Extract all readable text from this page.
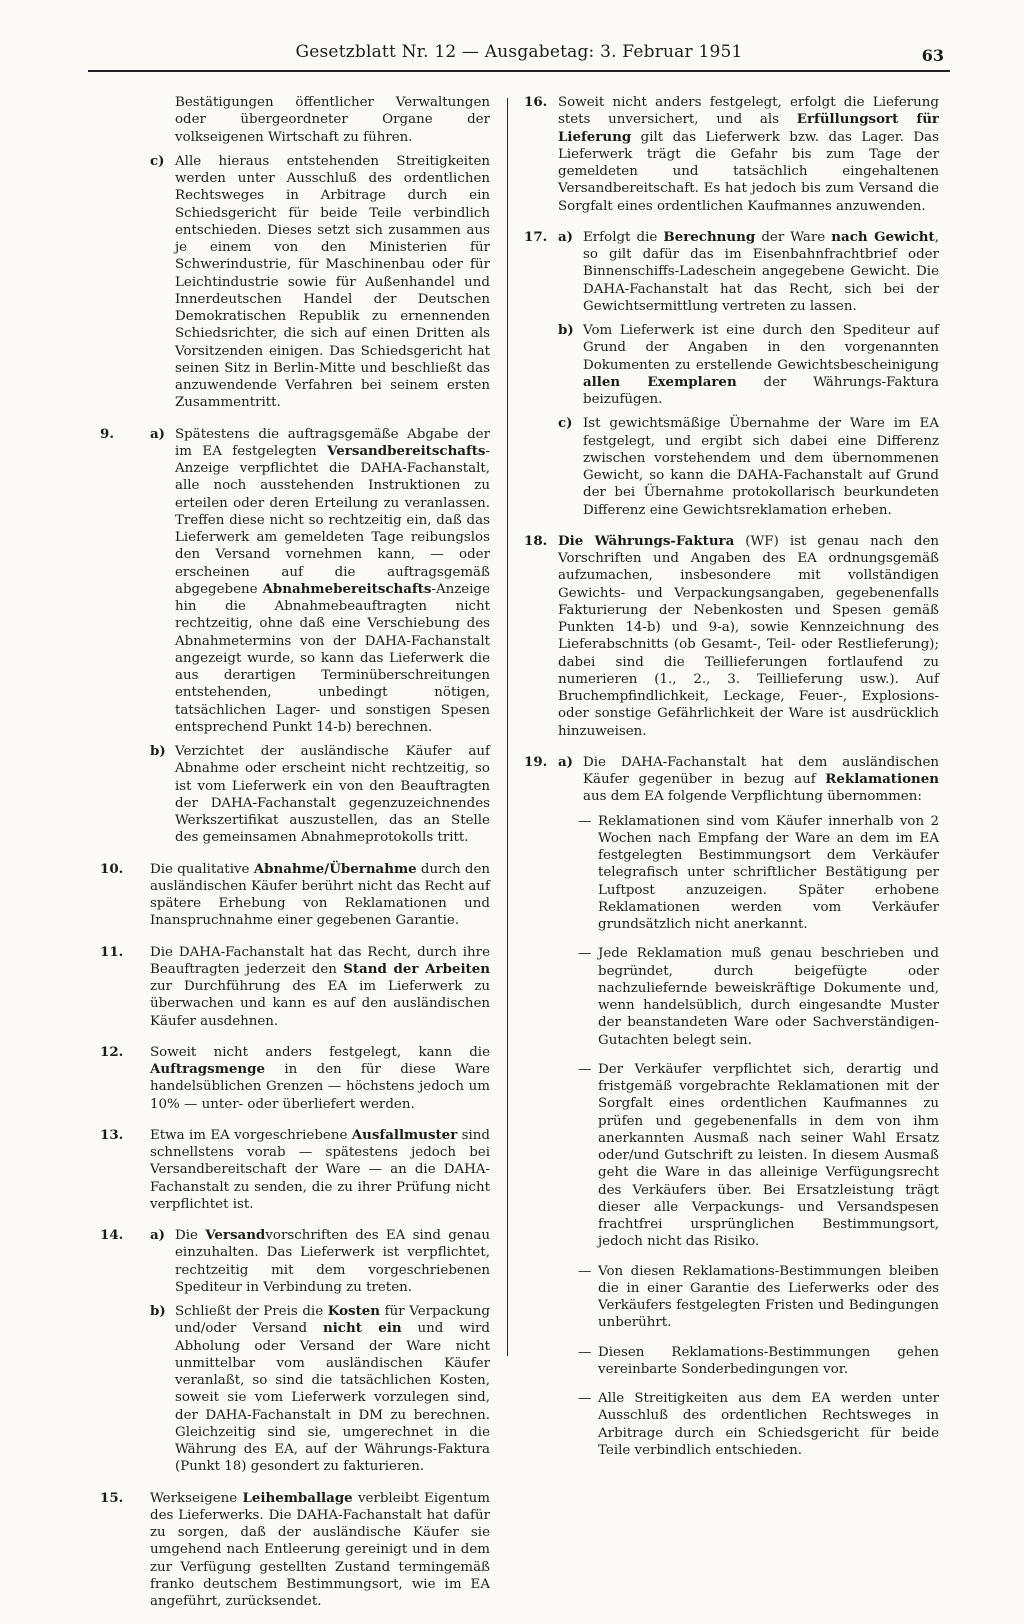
Gesetzblatt Nr. 12 — Ausgabetag: 3. Februar 1951	63
Bestätigungen öffentlicher Verwaltungen oder übergeordneter Organe der volkseigenen Wirtschaft zu führen.
c) Alle hieraus entstehenden Streitigkeiten werden unter Ausschluß des ordentlichen Rechtsweges in Arbitrage durch ein Schiedsgericht für beide Teile verbindlich entschieden. Dieses setzt sich zusammen aus je einem von den Ministerien für Schwerindustrie, für Maschinenbau oder für Leichtindustrie sowie für Außenhandel und Innerdeutschen Handel der Deutschen Demokratischen Republik zu ernennenden Schiedsrichter, die sich auf einen Dritten als Vorsitzenden einigen. Das Schiedsgericht hat seinen Sitz in Berlin-Mitte und beschließt das anzuwendende Verfahren bei seinem ersten Zusammentritt.
9.	a) Spätestens die auftragsgemäße Abgabe der im EA festgelegten Versandbereitschafts-Anzeige verpflichtet die DAHA-Fachanstalt, alle noch ausstehenden Instruktionen zu erteilen oder deren Erteilung zu veranlassen. Treffen diese nicht so rechtzeitig ein, daß das Lieferwerk am gemeldeten Tage reibungslos den Versand vornehmen kann, — oder erscheinen auf die auftragsgemäß abgegebene Abnahmebereitschafts-Anzeige hin die Abnahmebeauftragten nicht rechtzeitig, ohne daß eine Verschiebung des Abnahmetermins von der DAHA-Fachanstalt angezeigt wurde, so kann das Lieferwerk die aus derartigen Terminüberschreitungen entstehenden, unbedingt nötigen, tatsächlichen Lager- und sonstigen Spesen entsprechend Punkt 14-b) berechnen.
b) Verzichtet der ausländische Käufer auf Abnahme oder erscheint nicht rechtzeitig, so ist vom Lieferwerk ein von den Beauftragten der DAHA-Fachanstalt gegenzuzeichnendes Werkszertifikat auszustellen, das an Stelle des gemeinsamen Abnahmeprotokolls tritt.
10. Die qualitative Abnahme/Übernahme durch den ausländischen Käufer berührt nicht das Recht auf spätere Erhebung von Reklamationen und Inanspruchnahme einer gegebenen Garantie.
11. Die DAHA-Fachanstalt hat das Recht, durch ihre Beauftragten jederzeit den Stand der Arbeiten zur Durchführung des EA im Lieferwerk zu überwachen und kann es auf den ausländischen Käufer ausdehnen.
12. Soweit nicht anders festgelegt, kann die Auftragsmenge in den für diese Ware handelsüblichen Grenzen — höchstens jedoch um 10% — unter- oder überliefert werden.
13. Etwa im EA vorgeschriebene Ausfallmuster sind schnellstens vorab — spätestens jedoch bei Versandbereitschaft der Ware — an die DAHA-Fachanstalt zu senden, die zu ihrer Prüfung nicht verpflichtet ist.
14. a) Die Versandvorschriften des EA sind genau einzuhalten. Das Lieferwerk ist verpflichtet, rechtzeitig mit dem vorgeschriebenen Spediteur in Verbindung zu treten.
b) Schließt der Preis die Kosten für Verpackung und/oder Versand nicht ein und wird Abholung oder Versand der Ware nicht unmittelbar vom ausländischen Käufer veranlaßt, so sind die tatsächlichen Kosten, soweit sie vom Lieferwerk vorzulegen sind, der DAHA-Fachanstalt in DM zu berechnen. Gleichzeitig sind sie, umgerechnet in die Währung des EA, auf der Währungs-Faktura (Punkt 18) gesondert zu fakturieren.
15. Werkseigene Leihemballage verbleibt Eigentum des Lieferwerks. Die DAHA-Fachanstalt hat dafür zu sorgen, daß der ausländische Käufer sie umgehend nach Entleerung gereinigt und in dem zur Verfügung gestellten Zustand termingemäß franko deutschem Bestimmungsort, wie im EA angeführt, zurücksendet.
16. Soweit nicht anders festgelegt, erfolgt die Lieferung stets unversichert, und als Erfüllungsort für Lieferung gilt das Lieferwerk bzw. das Lager. Das Lieferwerk trägt die Gefahr bis zum Tage der gemeldeten und tatsächlich eingehaltenen Versandbereitschaft. Es hat jedoch bis zum Versand die Sorgfalt eines ordentlichen Kaufmannes anzuwenden.
17. a) Erfolgt die Berechnung der Ware nach Gewicht, so gilt dafür das im Eisenbahnfrachtbrief oder Binnenschiffs-Ladeschein angegebene Gewicht. Die DAHA-Fachanstalt hat das Recht, sich bei der Gewichtsermittlung vertreten zu lassen.
b) Vom Lieferwerk ist eine durch den Spediteur auf Grund der Angaben in den vorgenannten Dokumenten zu erstellende Gewichtsbescheinigung allen Exemplaren der Währungs-Faktura beizufügen.
c) Ist gewichtsmäßige Übernahme der Ware im EA festgelegt, und ergibt sich dabei eine Differenz zwischen vorstehendem und dem übernommenen Gewicht, so kann die DAHA-Fachanstalt auf Grund der bei Übernahme protokollarisch beurkundeten Differenz eine Gewichtsreklamation erheben.
18. Die Währungs-Faktura (WF) ist genau nach den Vorschriften und Angaben des EA ordnungsgemäß aufzumachen, insbesondere mit vollständigen Gewichts- und Verpackungsangaben, gegebenenfalls Fakturierung der Nebenkosten und Spesen gemäß Punkten 14-b) und 9-a), sowie Kennzeichnung des Lieferabschnitts (ob Gesamt-, Teil- oder Restlieferung); dabei sind die Teillieferungen fortlaufend zu numerieren (1., 2., 3. Teillieferung usw.). Auf Bruchempfindlichkeit, Leckage, Feuer-, Explosions- oder sonstige Gefährlichkeit der Ware ist ausdrücklich hinzuweisen.
19. a) Die DAHA-Fachanstalt hat dem ausländischen Käufer gegenüber in bezug auf Reklamationen aus dem EA folgende Verpflichtung übernommen:
— Reklamationen sind vom Käufer innerhalb von 2 Wochen nach Empfang der Ware an dem im EA festgelegten Bestimmungsort dem Verkäufer telegrafisch unter schriftlicher Bestätigung per Luftpost anzuzeigen. Später erhobene Reklamationen werden vom Verkäufer grundsätzlich nicht anerkannt.
— Jede Reklamation muß genau beschrieben und begründet, durch beigefügte oder nachzuliefernde beweiskräftige Dokumente und, wenn handelsüblich, durch eingesandte Muster der beanstandeten Ware oder Sachverständigen-Gutachten belegt sein.
— Der Verkäufer verpflichtet sich, derartig und fristgemäß vorgebrachte Reklamationen mit der Sorgfalt eines ordentlichen Kaufmannes zu prüfen und gegebenenfalls in dem von ihm anerkannten Ausmaß nach seiner Wahl Ersatz oder/und Gutschrift zu leisten. In diesem Ausmaß geht die Ware in das alleinige Verfügungsrecht des Verkäufers über. Bei Ersatzleistung trägt dieser alle Verpackungs- und Versandspesen frachtfrei ursprünglichen Bestimmungsort, jedoch nicht das Risiko.
— Von diesen Reklamations-Bestimmungen bleiben die in einer Garantie des Lieferwerks oder des Verkäufers festgelegten Fristen und Bedingungen unberührt.
— Diesen Reklamations-Bestimmungen gehen vereinbarte Sonderbedingungen vor.
— Alle Streitigkeiten aus dem EA werden unter Ausschluß des ordentlichen Rechtsweges in Arbitrage durch ein Schiedsgericht für beide Teile verbindlich entschieden.
